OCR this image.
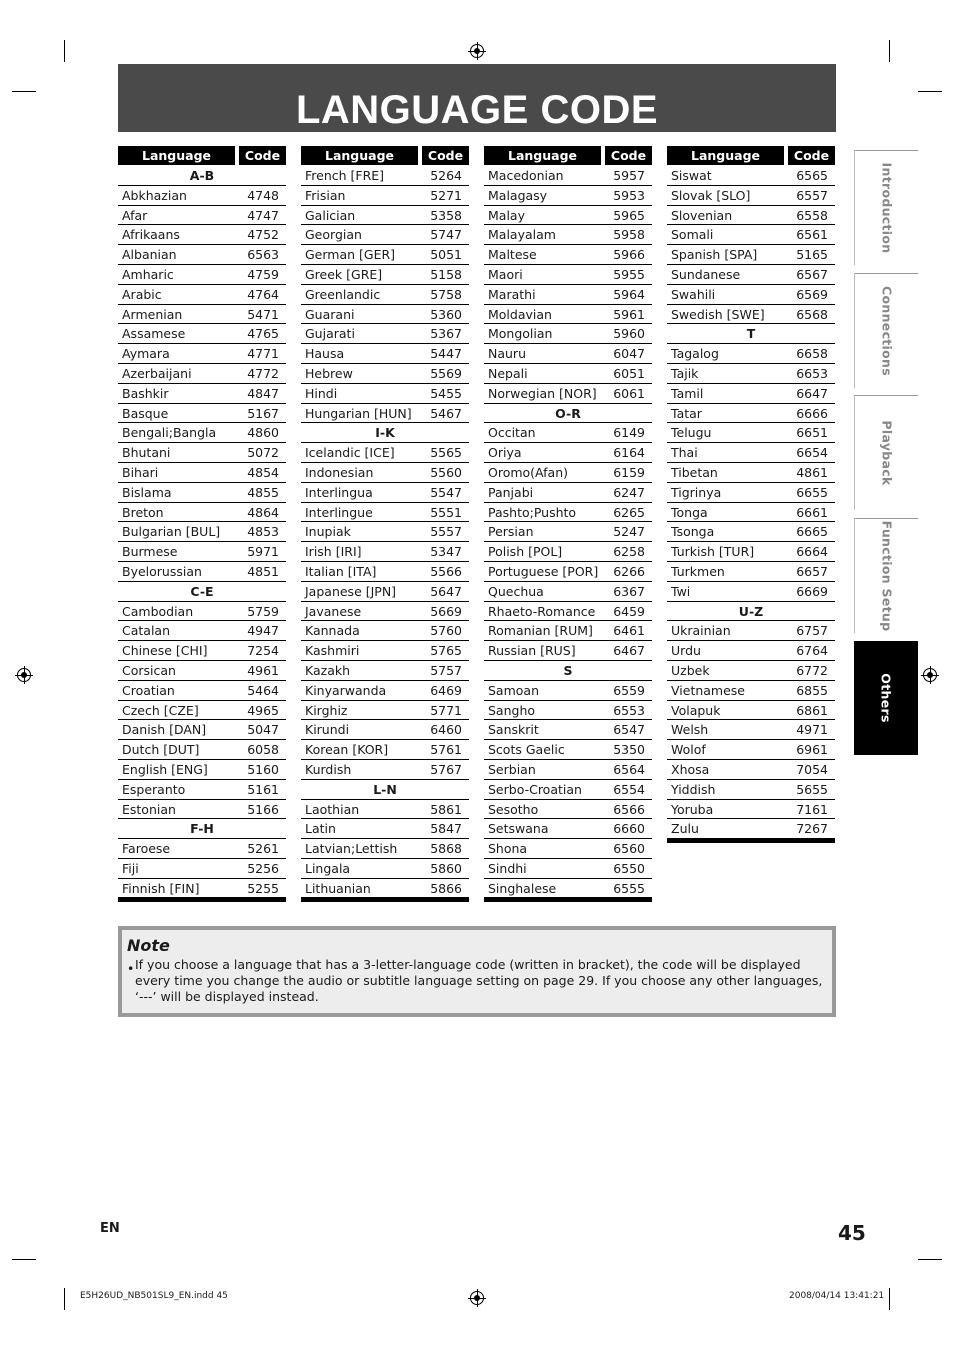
LANGUAGE CODE
Language	Code
A-B
Abkhazian	4748
Afar	4747
Afrikaans	4752
Albanian	6563
Amharic	4759
Arabic	4764
Armenian	5471
Assamese	4765
Aymara	4771
Azerbaijani	4772
Bashkir	4847
Basque	5167
Bengali;Bangla	4860
Bhutani	5072
Bihari	4854
Bislama	4855
Breton	4864
Bulgarian [BUL]	4853
Burmese	5971
Byelorussian	4851
C-E
Cambodian	5759
Catalan	4947
Chinese [CHI]	7254
Corsican	4961
Croatian	5464
Czech [CZE]	4965
Danish [DAN]	5047
Dutch [DUT]	6058
English [ENG]	5160
Esperanto	5161
Estonian	5166
F-H
Faroese	5261
Fiji	5256
Finnish [FIN]	5255
Language	Code
French [FRE]	5264
Frisian	5271
Galician	5358
Georgian	5747
German [GER]	5051
Greek [GRE]	5158
Greenlandic	5758
Guarani	5360
Gujarati	5367
Hausa	5447
Hebrew	5569
Hindi	5455
Hungarian [HUN]	5467
I-K
Icelandic [ICE]	5565
Indonesian	5560
Interlingua	5547
Interlingue	5551
Inupiak	5557
Irish [IRI]	5347
Italian [ITA]	5566
Japanese [JPN]	5647
Javanese	5669
Kannada	5760
Kashmiri	5765
Kazakh	5757
Kinyarwanda	6469
Kirghiz	5771
Kirundi	6460
Korean [KOR]	5761
Kurdish	5767
L-N
Laothian	5861
Latin	5847
Latvian;Lettish	5868
Lingala	5860
Lithuanian	5866
Language	Code
Macedonian	5957
Malagasy	5953
Malay	5965
Malayalam	5958
Maltese	5966
Maori	5955
Marathi	5964
Moldavian	5961
Mongolian	5960
Nauru	6047
Nepali	6051
Norwegian [NOR]	6061
O-R
Occitan	6149
Oriya	6164
Oromo(Afan)	6159
Panjabi	6247
Pashto;Pushto	6265
Persian	5247
Polish [POL]	6258
Portuguese [POR]	6266
Quechua	6367
Rhaeto-Romance	6459
Romanian [RUM]	6461
Russian [RUS]	6467
S
Samoan	6559
Sangho	6553
Sanskrit	6547
Scots Gaelic	5350
Serbian	6564
Serbo-Croatian	6554
Sesotho	6566
Setswana	6660
Shona	6560
Sindhi	6550
Singhalese	6555
Language	Code
Siswat	6565
Slovak [SLO]	6557
Slovenian	6558
Somali	6561
Spanish [SPA]	5165
Sundanese	6567
Swahili	6569
Swedish [SWE]	6568
T
Tagalog	6658
Tajik	6653
Tamil	6647
Tatar	6666
Telugu	6651
Thai	6654
Tibetan	4861
Tigrinya	6655
Tonga	6661
Tsonga	6665
Turkish [TUR]	6664
Turkmen	6657
Twi	6669
U-Z
Ukrainian	6757
Urdu	6764
Uzbek	6772
Vietnamese	6855
Volapuk	6861
Welsh	4971
Wolof	6961
Xhosa	7054
Yiddish	5655
Yoruba	7161
Zulu	7267
Introduction
Connections
Playback
Function Setup
Others
Note
• If you choose a language that has a 3-letter-language code (written in bracket), the code will be displayed every time you change the audio or subtitle language setting on page 29. If you choose any other languages, ‘---’ will be displayed instead.
EN	45
E5H26UD_NB501SL9_EN.indd 45	2008/04/14 13:41:21
